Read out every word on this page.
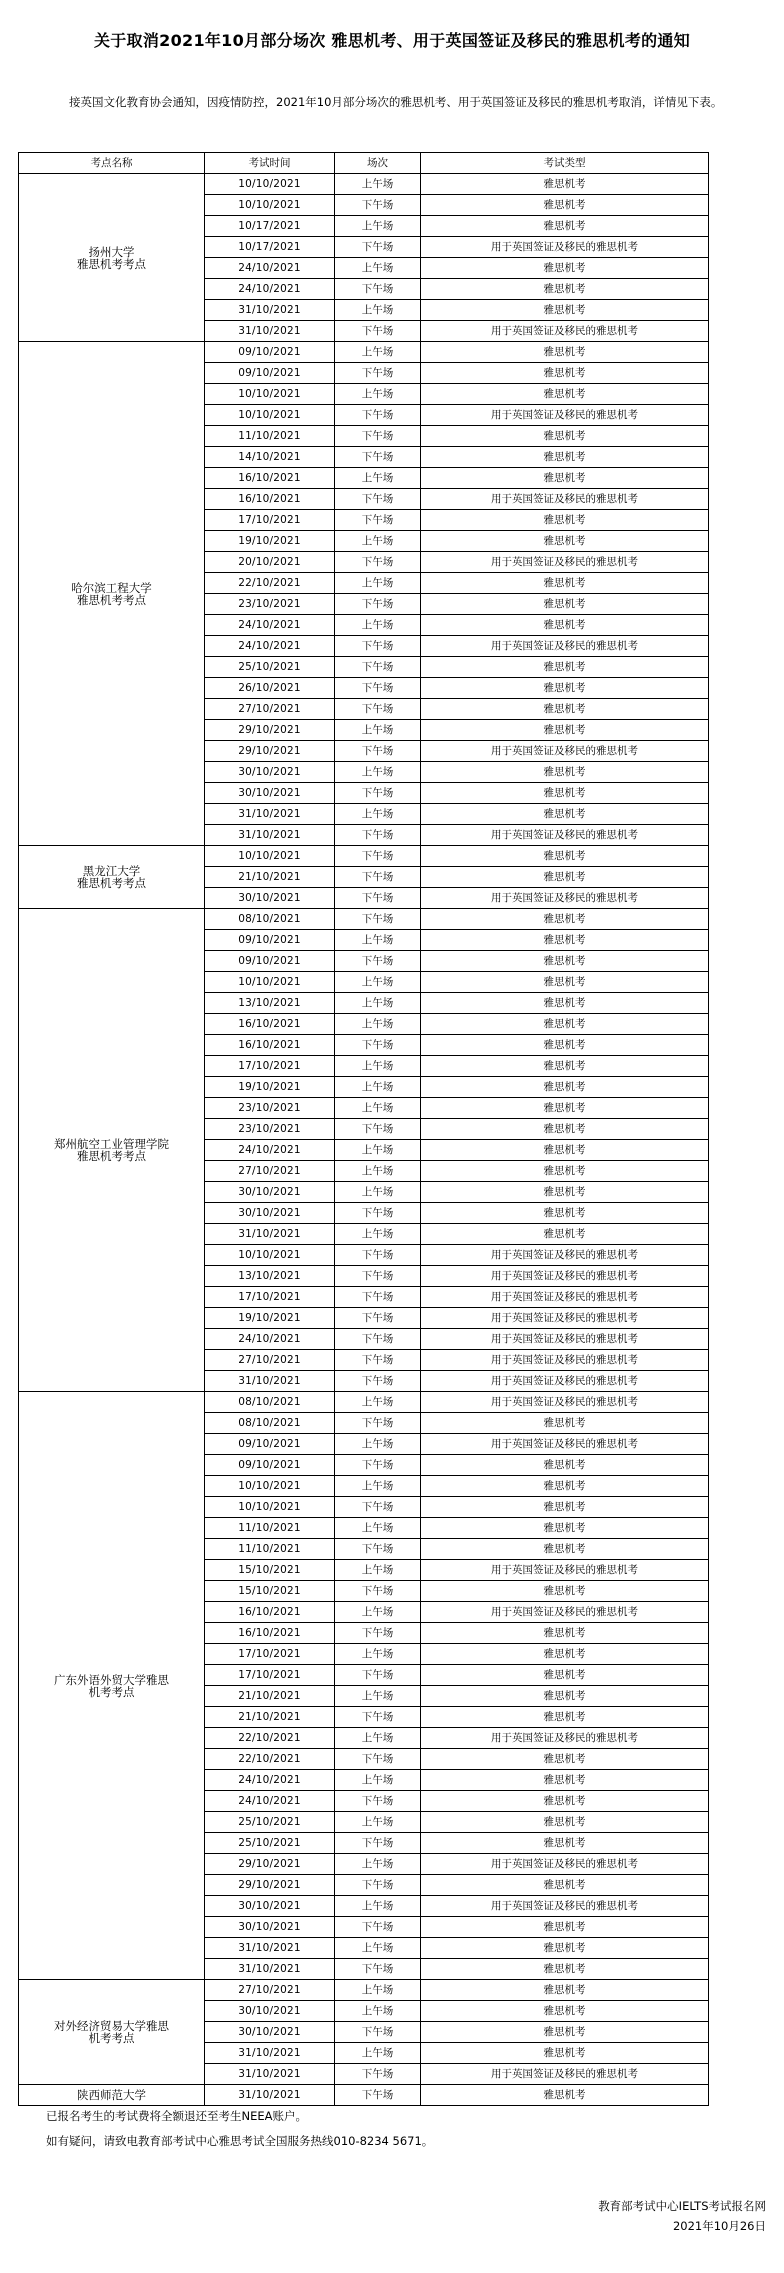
关于取消2021年10月部分场次 雅思机考、用于英国签证及移民的雅思机考的通知

接英国文化教育协会通知，因疫情防控，2021年10月部分场次的雅思机考、用于英国签证及移民的雅思机考取消，详情见下表。

考点名称	考试时间	场次	考试类型
扬州大学
雅思机考考点	10/10/2021	上午场	雅思机考
	10/10/2021	下午场	雅思机考
	10/17/2021	上午场	雅思机考
	10/17/2021	下午场	用于英国签证及移民的雅思机考
	24/10/2021	上午场	雅思机考
	24/10/2021	下午场	雅思机考
	31/10/2021	上午场	雅思机考
	31/10/2021	下午场	用于英国签证及移民的雅思机考
哈尔滨工程大学
雅思机考考点	09/10/2021	上午场	雅思机考
	09/10/2021	下午场	雅思机考
	10/10/2021	上午场	雅思机考
	10/10/2021	下午场	用于英国签证及移民的雅思机考
	11/10/2021	下午场	雅思机考
	14/10/2021	下午场	雅思机考
	16/10/2021	上午场	雅思机考
	16/10/2021	下午场	用于英国签证及移民的雅思机考
	17/10/2021	下午场	雅思机考
	19/10/2021	上午场	雅思机考
	20/10/2021	下午场	用于英国签证及移民的雅思机考
	22/10/2021	上午场	雅思机考
	23/10/2021	下午场	雅思机考
	24/10/2021	上午场	雅思机考
	24/10/2021	下午场	用于英国签证及移民的雅思机考
	25/10/2021	下午场	雅思机考
	26/10/2021	下午场	雅思机考
	27/10/2021	下午场	雅思机考
	29/10/2021	上午场	雅思机考
	29/10/2021	下午场	用于英国签证及移民的雅思机考
	30/10/2021	上午场	雅思机考
	30/10/2021	下午场	雅思机考
	31/10/2021	上午场	雅思机考
	31/10/2021	下午场	用于英国签证及移民的雅思机考
黑龙江大学
雅思机考考点	10/10/2021	下午场	雅思机考
	21/10/2021	下午场	雅思机考
	30/10/2021	下午场	用于英国签证及移民的雅思机考
郑州航空工业管理学院
雅思机考考点	08/10/2021	下午场	雅思机考
	09/10/2021	上午场	雅思机考
	09/10/2021	下午场	雅思机考
	10/10/2021	上午场	雅思机考
	13/10/2021	上午场	雅思机考
	16/10/2021	上午场	雅思机考
	16/10/2021	下午场	雅思机考
	17/10/2021	上午场	雅思机考
	19/10/2021	上午场	雅思机考
	23/10/2021	上午场	雅思机考
	23/10/2021	下午场	雅思机考
	24/10/2021	上午场	雅思机考
	27/10/2021	上午场	雅思机考
	30/10/2021	上午场	雅思机考
	30/10/2021	下午场	雅思机考
	31/10/2021	上午场	雅思机考
	10/10/2021	下午场	用于英国签证及移民的雅思机考
	13/10/2021	下午场	用于英国签证及移民的雅思机考
	17/10/2021	下午场	用于英国签证及移民的雅思机考
	19/10/2021	下午场	用于英国签证及移民的雅思机考
	24/10/2021	下午场	用于英国签证及移民的雅思机考
	27/10/2021	下午场	用于英国签证及移民的雅思机考
	31/10/2021	下午场	用于英国签证及移民的雅思机考
广东外语外贸大学雅思
机考考点	08/10/2021	上午场	用于英国签证及移民的雅思机考
	08/10/2021	下午场	雅思机考
	09/10/2021	上午场	用于英国签证及移民的雅思机考
	09/10/2021	下午场	雅思机考
	10/10/2021	上午场	雅思机考
	10/10/2021	下午场	雅思机考
	11/10/2021	上午场	雅思机考
	11/10/2021	下午场	雅思机考
	15/10/2021	上午场	用于英国签证及移民的雅思机考
	15/10/2021	下午场	雅思机考
	16/10/2021	上午场	用于英国签证及移民的雅思机考
	16/10/2021	下午场	雅思机考
	17/10/2021	上午场	雅思机考
	17/10/2021	下午场	雅思机考
	21/10/2021	上午场	雅思机考
	21/10/2021	下午场	雅思机考
	22/10/2021	上午场	用于英国签证及移民的雅思机考
	22/10/2021	下午场	雅思机考
	24/10/2021	上午场	雅思机考
	24/10/2021	下午场	雅思机考
	25/10/2021	上午场	雅思机考
	25/10/2021	下午场	雅思机考
	29/10/2021	上午场	用于英国签证及移民的雅思机考
	29/10/2021	下午场	雅思机考
	30/10/2021	上午场	用于英国签证及移民的雅思机考
	30/10/2021	下午场	雅思机考
	31/10/2021	上午场	雅思机考
	31/10/2021	下午场	雅思机考
对外经济贸易大学雅思
机考考点	27/10/2021	上午场	雅思机考
	30/10/2021	上午场	雅思机考
	30/10/2021	下午场	雅思机考
	31/10/2021	上午场	雅思机考
	31/10/2021	下午场	用于英国签证及移民的雅思机考
陕西师范大学	31/10/2021	下午场	雅思机考
已报名考生的考试费将全额退还至考生NEEA账户。
如有疑问，请致电教育部考试中心雅思考试全国服务热线010-8234 5671。
教育部考试中心IELTS考试报名网
2021年10月26日
